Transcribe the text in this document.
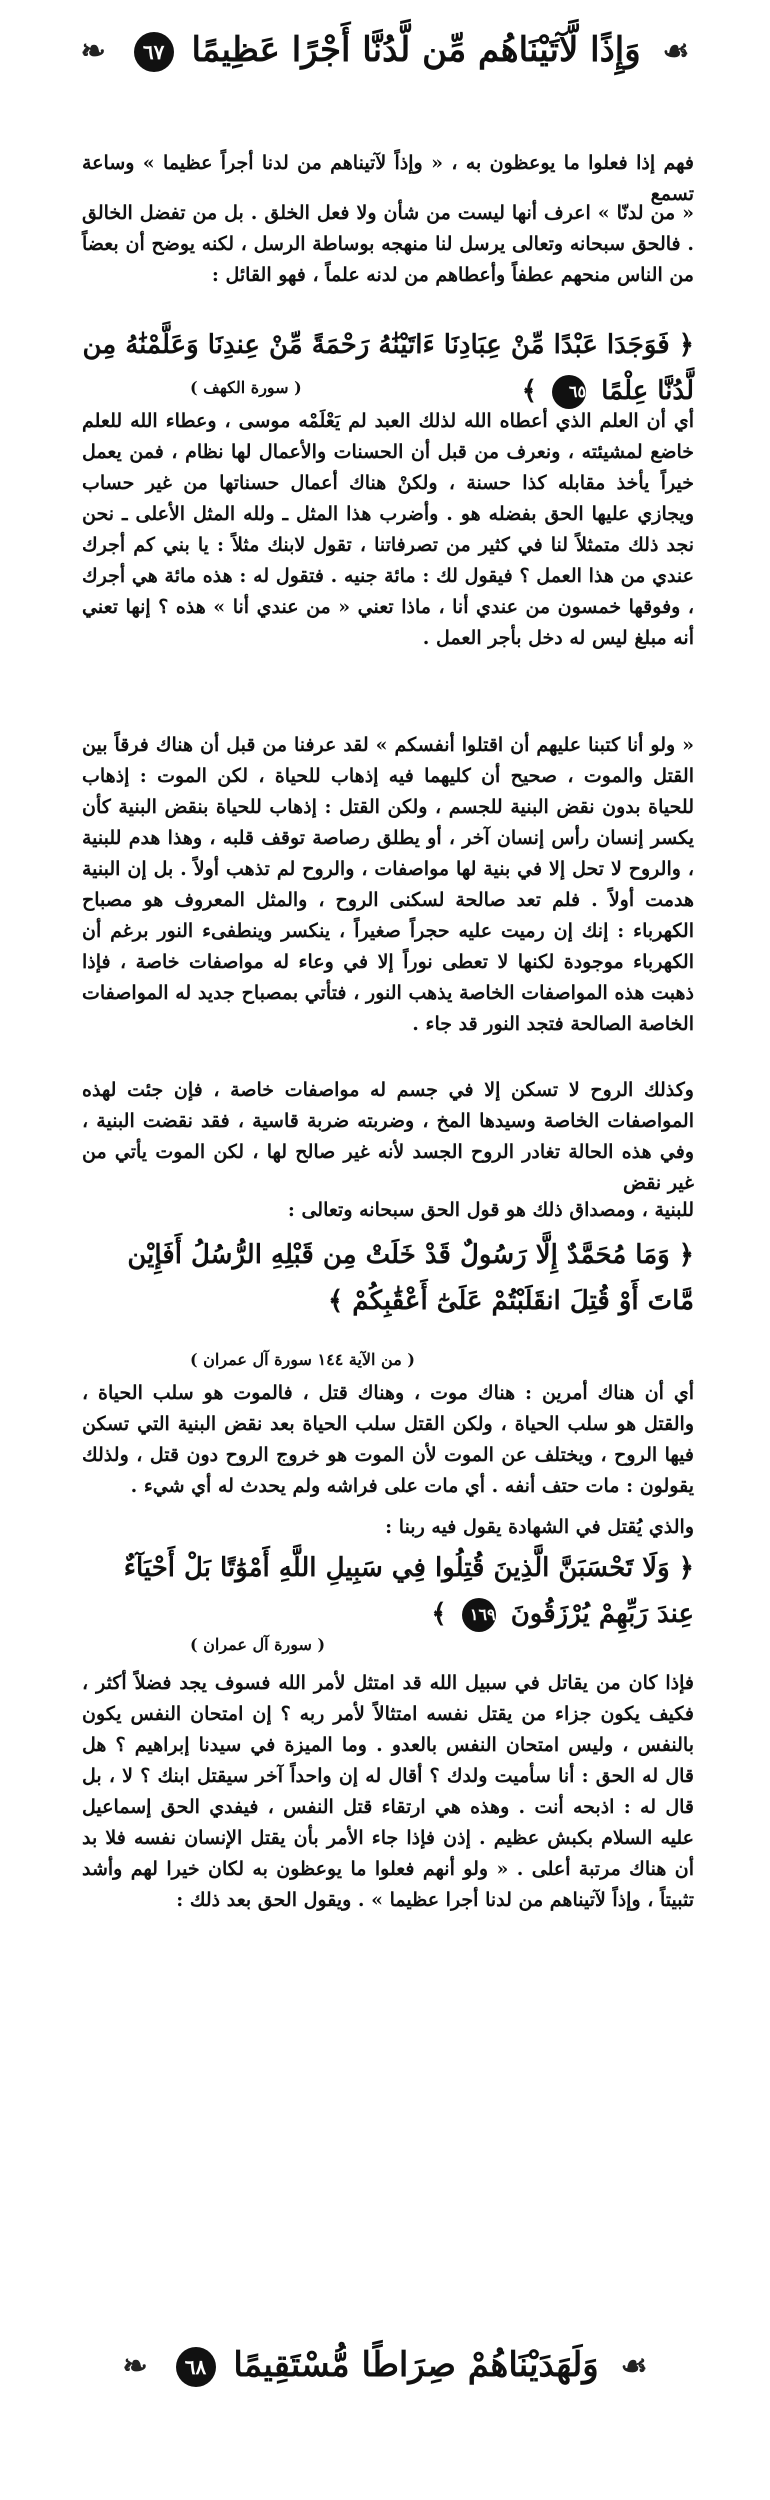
❧ ٦٧ وَإِذًا لَّآتَيْنَاهُم مِّن لَّدُنَّا أَجْرًا عَظِيمًا ☙
فهم إذا فعلوا ما يوعظون به ، « وإذاً لآتيناهم من لدنا أجراً عظيما » وساعة تسمع
« من لدنّا » اعرف أنها ليست من شأن ولا فعل الخلق . بل من تفضل الخالق . فالحق سبحانه وتعالى يرسل لنا منهجه بوساطة الرسل ، لكنه يوضح أن بعضاً من الناس منحهم عطفاً وأعطاهم من لدنه علماً ، فهو القائل :
﴿ فَوَجَدَا عَبْدًا مِّنْ عِبَادِنَا ءَاتَيْنَٰهُ رَحْمَةً مِّنْ عِندِنَا وَعَلَّمْنَٰهُ مِن لَّدُنَّا عِلْمًا ٦٥ ﴾
( سورة الكهف )
أي أن العلم الذي أعطاه الله لذلك العبد لم يَعْلَمْه موسى ، وعطاء الله للعلم خاضع لمشيئته ، ونعرف من قبل أن الحسنات والأعمال لها نظام ، فمن يعمل خيراً يأخذ مقابله كذا حسنة ، ولكنْ هناك أعمال حسناتها من غير حساب ويجازي عليها الحق بفضله هو . وأضرب هذا المثل ـ ولله المثل الأعلى ـ نحن نجد ذلك متمثلاً لنا في كثير من تصرفاتنا ، تقول لابنك مثلاً : يا بني كم أجرك عندي من هذا العمل ؟ فيقول لك : مائة جنيه . فتقول له : هذه مائة هي أجرك ، وفوقها خمسون من عندي أنا ، ماذا تعني « من عندي أنا » هذه ؟ إنها تعني أنه مبلغ ليس له دخل بأجر العمل .
« ولو أنا كتبنا عليهم أن اقتلوا أنفسكم » لقد عرفنا من قبل أن هناك فرقاً بين القتل والموت ، صحيح أن كليهما فيه إذهاب للحياة ، لكن الموت : إذهاب للحياة بدون نقض البنية للجسم ، ولكن القتل : إذهاب للحياة بنقض البنية كأن يكسر إنسان رأس إنسان آخر ، أو يطلق رصاصة توقف قلبه ، وهذا هدم للبنية ، والروح لا تحل إلا في بنية لها مواصفات ، والروح لم تذهب أولاً . بل إن البنية هدمت أولاً . فلم تعد صالحة لسكنى الروح ، والمثل المعروف هو مصباح الكهرباء : إنك إن رميت عليه حجراً صغيراً ، ينكسر وينطفىء النور برغم أن الكهرباء موجودة لكنها لا تعطى نوراً إلا في وعاء له مواصفات خاصة ، فإذا ذهبت هذه المواصفات الخاصة يذهب النور ، فتأتي بمصباح جديد له المواصفات الخاصة الصالحة فتجد النور قد جاء .
وكذلك الروح لا تسكن إلا في جسم له مواصفات خاصة ، فإن جئت لهذه المواصفات الخاصة وسيدها المخ ، وضربته ضربة قاسية ، فقد نقضت البنية ، وفي هذه الحالة تغادر الروح الجسد لأنه غير صالح لها ، لكن الموت يأتي من غير نقض
للبنية ، ومصداق ذلك هو قول الحق سبحانه وتعالى :
﴿ وَمَا مُحَمَّدٌ إِلَّا رَسُولٌ قَدْ خَلَتْ مِن قَبْلِهِ الرُّسُلُ أَفَإِيْن مَّاتَ أَوْ قُتِلَ انقَلَبْتُمْ عَلَىٰٓ أَعْقَٰبِكُمْ ﴾
( من الآية ١٤٤ سورة آل عمران )
أي أن هناك أمرين : هناك موت ، وهناك قتل ، فالموت هو سلب الحياة ، والقتل هو سلب الحياة ، ولكن القتل سلب الحياة بعد نقض البنية التي تسكن فيها الروح ، ويختلف عن الموت لأن الموت هو خروج الروح دون قتل ، ولذلك يقولون : مات حتف أنفه . أي مات على فراشه ولم يحدث له أي شيء .
والذي يُقتل في الشهادة يقول فيه ربنا :
﴿ وَلَا تَحْسَبَنَّ الَّذِينَ قُتِلُوا فِي سَبِيلِ اللَّهِ أَمْوَٰتًا بَلْ أَحْيَآءٌ عِندَ رَبِّهِمْ يُرْزَقُونَ ١٦٩ ﴾
( سورة آل عمران )
فإذا كان من يقاتل في سبيل الله قد امتثل لأمر الله فسوف يجد فضلاً أكثر ، فكيف يكون جزاء من يقتل نفسه امتثالاً لأمر ربه ؟ إن امتحان النفس يكون بالنفس ، وليس امتحان النفس بالعدو . وما الميزة في سيدنا إبراهيم ؟ هل قال له الحق : أنا سأميت ولدك ؟ أقال له إن واحداً آخر سيقتل ابنك ؟ لا ، بل قال له : اذبحه أنت . وهذه هي ارتقاء قتل النفس ، فيفدي الحق إسماعيل عليه السلام بكبش عظيم . إذن فإذا جاء الأمر بأن يقتل الإنسان نفسه فلا بد أن هناك مرتبة أعلى . « ولو أنهم فعلوا ما يوعظون به لكان خيرا لهم وأشد تثبيتاً ، وإذاً لآتيناهم من لدنا أجرا عظيما » . ويقول الحق بعد ذلك :
❧ ٦٨ وَلَهَدَيْنَاهُمْ صِرَاطًا مُّسْتَقِيمًا ☙
